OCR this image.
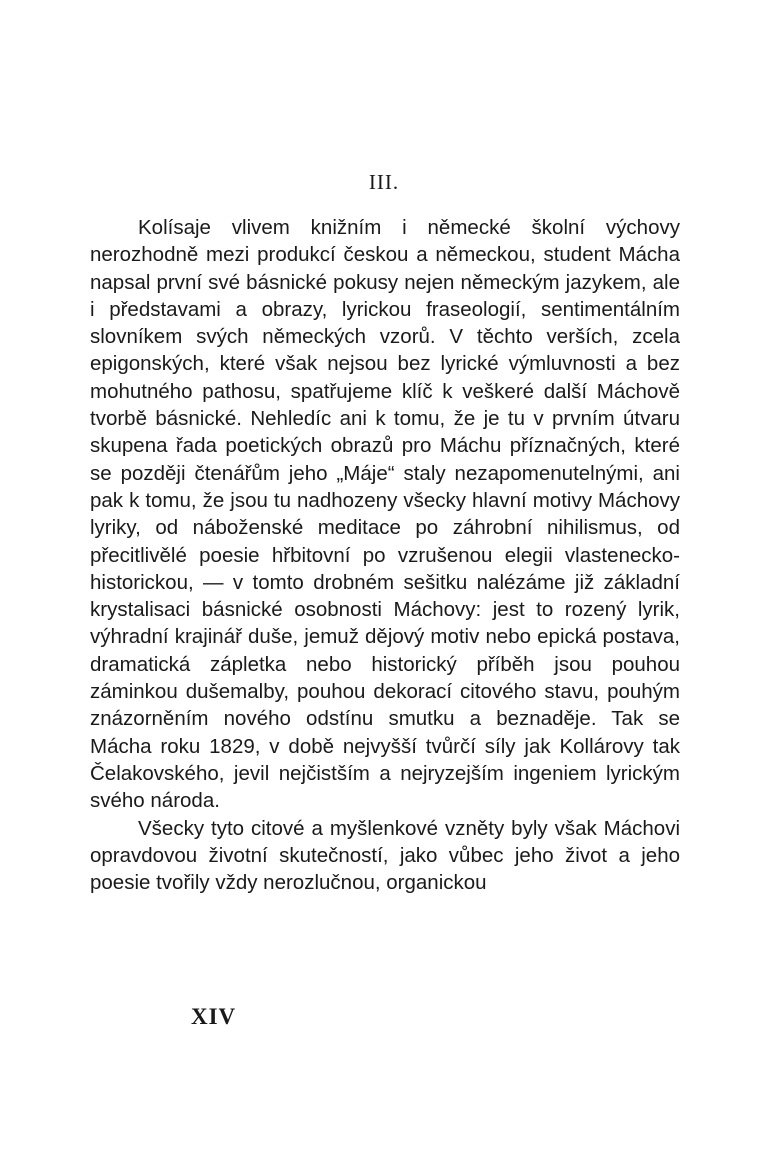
III.

Kolísaje vlivem knižním i německé školní výchovy nerozhodně mezi produkcí českou a německou, student Mácha napsal první své básnické pokusy nejen německým jazykem, ale i představami a obrazy, lyrickou fraseologií, sentimentálním slovníkem svých německých vzorů. V těchto verších, zcela epigonských, které však nejsou bez lyrické výmluvnosti a bez mohutného pathosu, spatřujeme klíč k veškeré další Máchově tvorbě básnické. Nehledíc ani k tomu, že je tu v prvním útvaru skupena řada poetických obrazů pro Máchu příznačných, které se později čtenářům jeho „Máje“ staly nezapomenutelnými, ani pak k tomu, že jsou tu nadhozeny všecky hlavní motivy Máchovy lyriky, od náboženské meditace po záhrobní nihilismus, od přecitlivělé poesie hřbitovní po vzrušenou elegii vlastenecko-historickou, — v tomto drobném sešitku nalézáme již základní krystalisaci básnické osobnosti Máchovy: jest to rozený lyrik, výhradní krajinář duše, jemuž dějový motiv nebo epická postava, dramatická zápletka nebo historický příběh jsou pouhou záminkou dušemalby, pouhou dekorací citového stavu, pouhým znázorněním nového odstínu smutku a beznaděje. Tak se Mácha roku 1829, v době nejvyšší tvůrčí síly jak Kollárovy tak Čelakovského, jevil nejčistším a nejryzejším ingeniem lyrickým svého národa.

Všecky tyto citové a myšlenkové vzněty byly však Máchovi opravdovou životní skutečností, jako vůbec jeho život a jeho poesie tvořily vždy nerozlučnou, organickou

XIV
